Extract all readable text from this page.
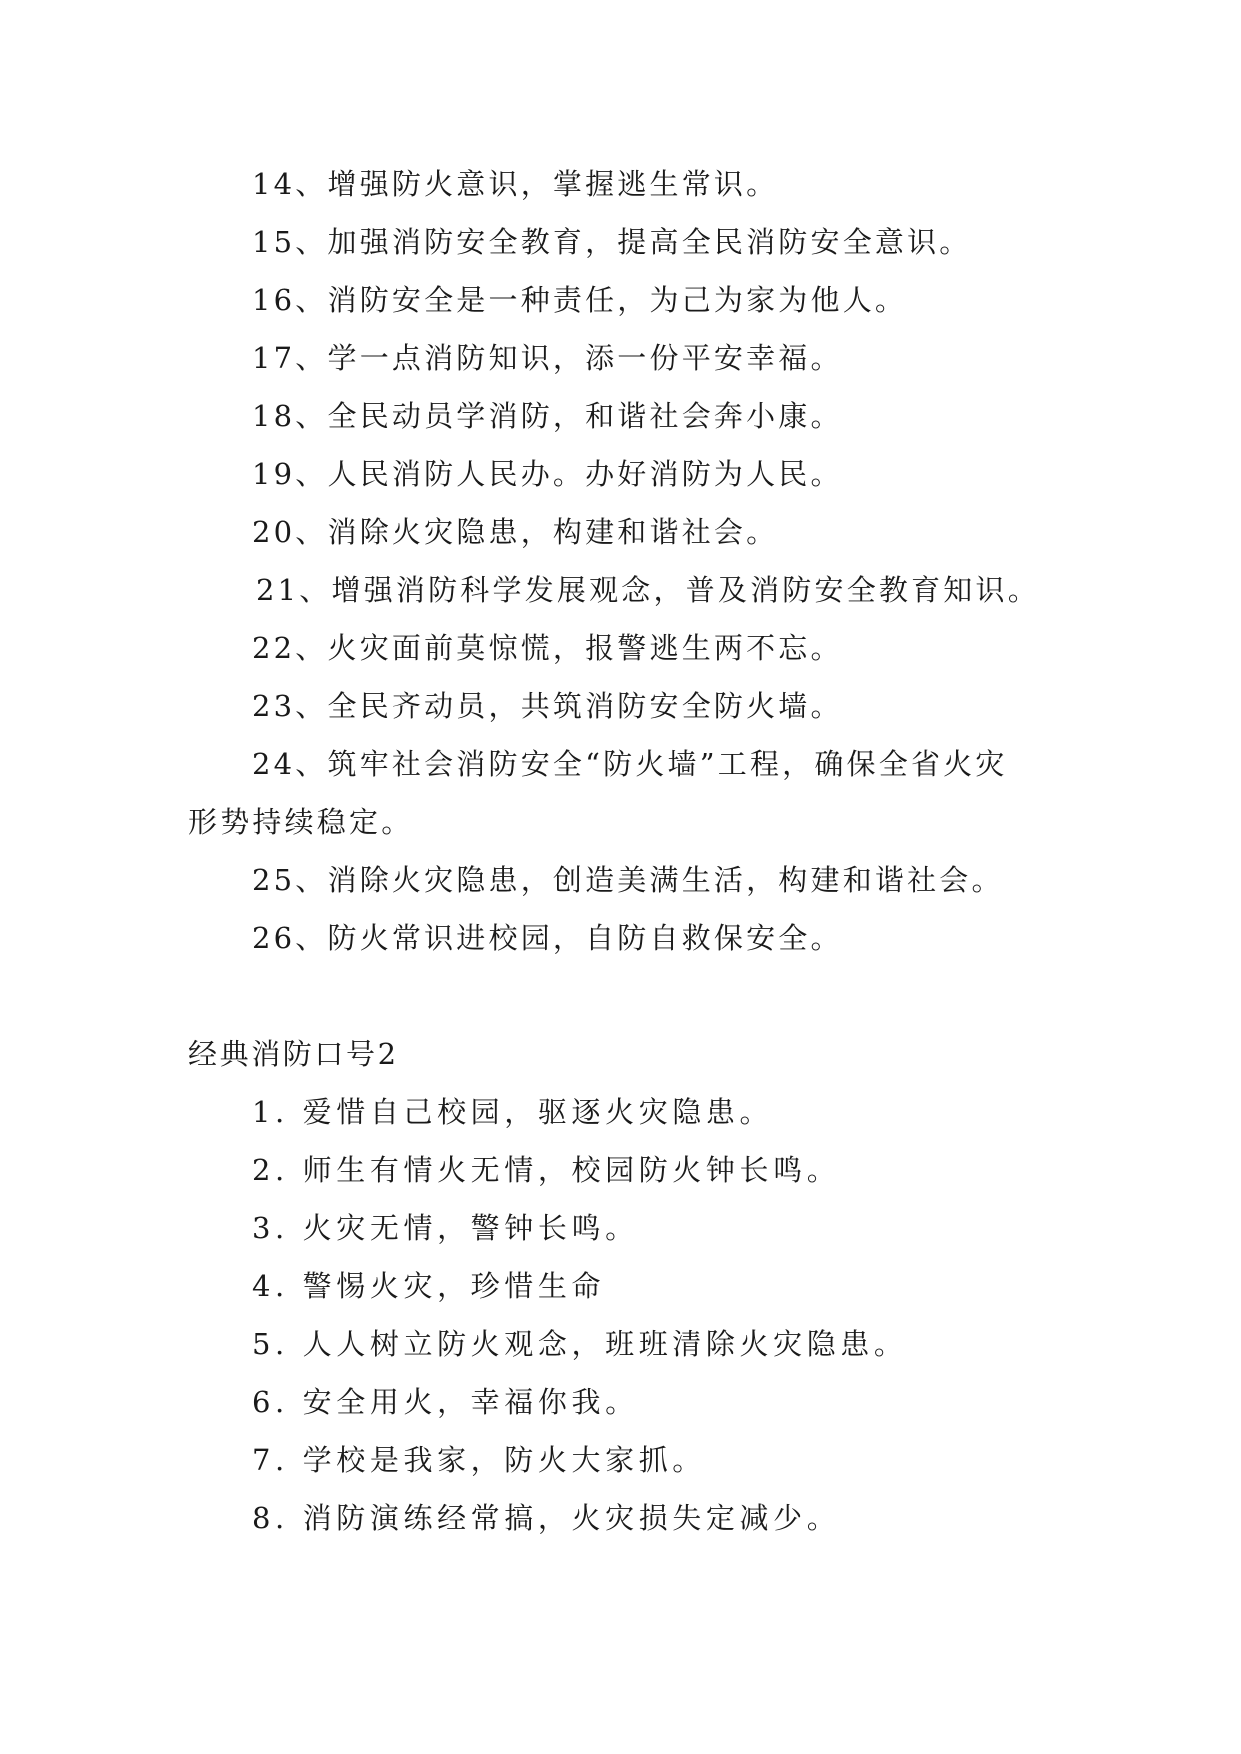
14、增强防火意识，掌握逃生常识。
15、加强消防安全教育，提高全民消防安全意识。
16、消防安全是一种责任，为己为家为他人。
17、学一点消防知识，添一份平安幸福。
18、全民动员学消防，和谐社会奔小康。
19、人民消防人民办。办好消防为人民。
20、消除火灾隐患，构建和谐社会。
21、增强消防科学发展观念，普及消防安全教育知识。
22、火灾面前莫惊慌，报警逃生两不忘。
23、全民齐动员，共筑消防安全防火墙。
24、筑牢社会消防安全“防火墙”工程，确保全省火灾
形势持续稳定。
25、消除火灾隐患，创造美满生活，构建和谐社会。
26、防火常识进校园，自防自救保安全。
经典消防口号2
1. 爱惜自己校园，驱逐火灾隐患。
2. 师生有情火无情，校园防火钟长鸣。
3. 火灾无情，警钟长鸣。
4. 警惕火灾，珍惜生命
5. 人人树立防火观念，班班清除火灾隐患。
6. 安全用火，幸福你我。
7. 学校是我家，防火大家抓。
8. 消防演练经常搞，火灾损失定减少。
